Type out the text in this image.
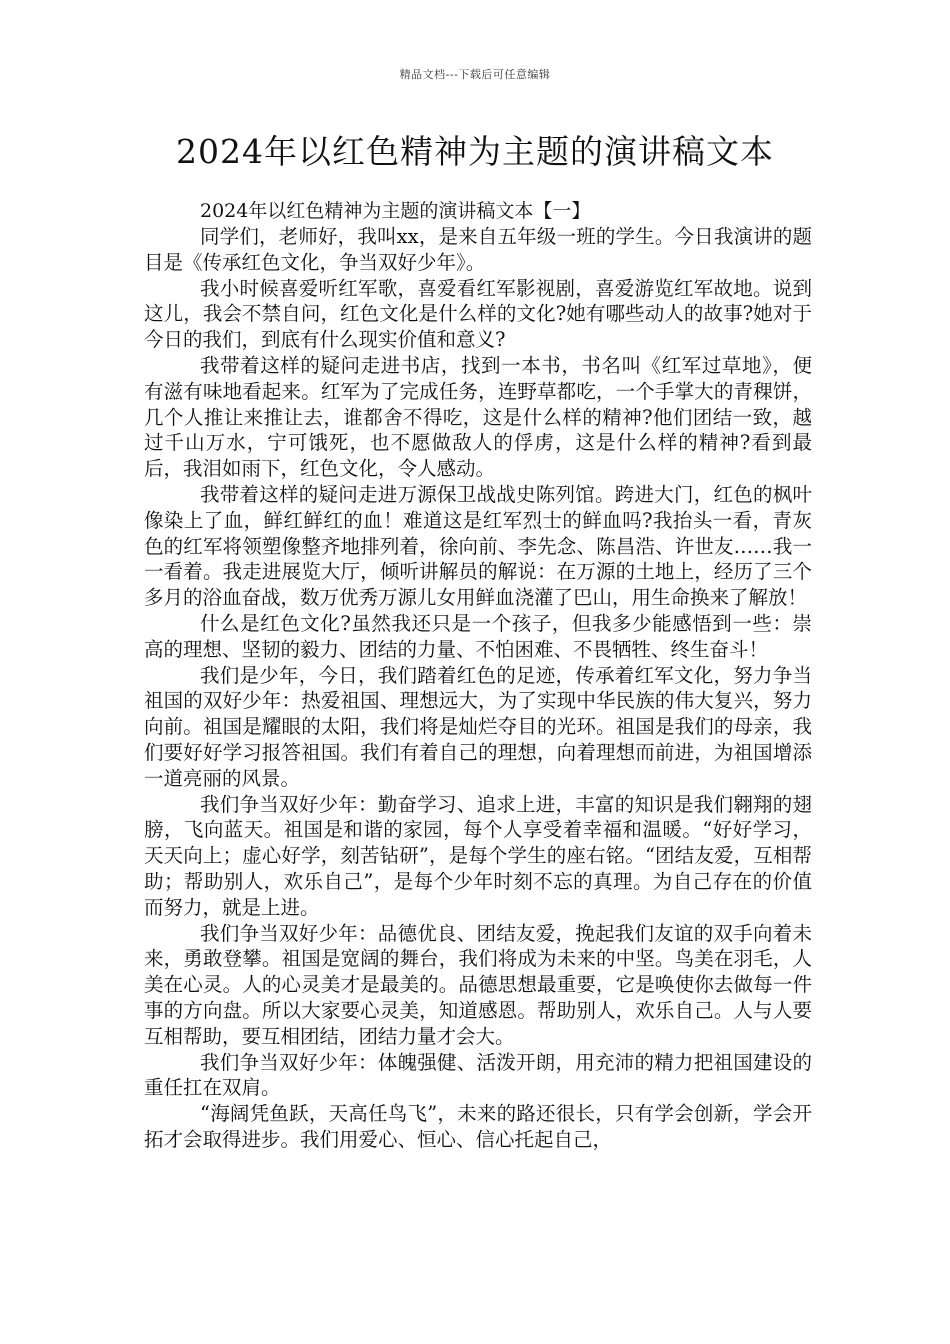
精品文档---下载后可任意编辑
2024年以红色精神为主题的演讲稿文本

2024年以红色精神为主题的演讲稿文本【一】

同学们，老师好，我叫xx，是来自五年级一班的学生。今日我演讲的题目是《传承红色文化，争当双好少年》。

我小时候喜爱听红军歌，喜爱看红军影视剧，喜爱游览红军故地。说到这儿，我会不禁自问，红色文化是什么样的文化?她有哪些动人的故事?她对于今日的我们，到底有什么现实价值和意义?

我带着这样的疑问走进书店，找到一本书，书名叫《红军过草地》，便有滋有味地看起来。红军为了完成任务，连野草都吃，一个手掌大的青稞饼，几个人推让来推让去，谁都舍不得吃，这是什么样的精神?他们团结一致，越过千山万水，宁可饿死，也不愿做敌人的俘虏，这是什么样的精神?看到最后，我泪如雨下，红色文化，令人感动。

我带着这样的疑问走进万源保卫战战史陈列馆。跨进大门，红色的枫叶像染上了血，鲜红鲜红的血！难道这是红军烈士的鲜血吗?我抬头一看，青灰色的红军将领塑像整齐地排列着，徐向前、李先念、陈昌浩、许世友……我一一看着。我走进展览大厅，倾听讲解员的解说：在万源的土地上，经历了三个多月的浴血奋战，数万优秀万源儿女用鲜血浇灌了巴山，用生命换来了解放！

什么是红色文化?虽然我还只是一个孩子，但我多少能感悟到一些：崇高的理想、坚韧的毅力、团结的力量、不怕困难、不畏牺牲、终生奋斗！

我们是少年，今日，我们踏着红色的足迹，传承着红军文化，努力争当祖国的双好少年：热爱祖国、理想远大，为了实现中华民族的伟大复兴，努力向前。祖国是耀眼的太阳，我们将是灿烂夺目的光环。祖国是我们的母亲，我们要好好学习报答祖国。我们有着自己的理想，向着理想而前进，为祖国增添一道亮丽的风景。

我们争当双好少年：勤奋学习、追求上进，丰富的知识是我们翱翔的翅膀，飞向蓝天。祖国是和谐的家园，每个人享受着幸福和温暖。“好好学习，天天向上；虚心好学，刻苦钻研”，是每个学生的座右铭。“团结友爱，互相帮助；帮助别人，欢乐自己”，是每个少年时刻不忘的真理。为自己存在的价值而努力，就是上进。

我们争当双好少年：品德优良、团结友爱，挽起我们友谊的双手向着未来，勇敢登攀。祖国是宽阔的舞台，我们将成为未来的中坚。鸟美在羽毛，人美在心灵。人的心灵美才是最美的。品德思想最重要，它是唤使你去做每一件事的方向盘。所以大家要心灵美，知道感恩。帮助别人，欢乐自己。人与人要互相帮助，要互相团结，团结力量才会大。

我们争当双好少年：体魄强健、活泼开朗，用充沛的精力把祖国建设的重任扛在双肩。

“海阔凭鱼跃，天高任鸟飞”，未来的路还很长，只有学会创新，学会开拓才会取得进步。我们用爱心、恒心、信心托起自己，
